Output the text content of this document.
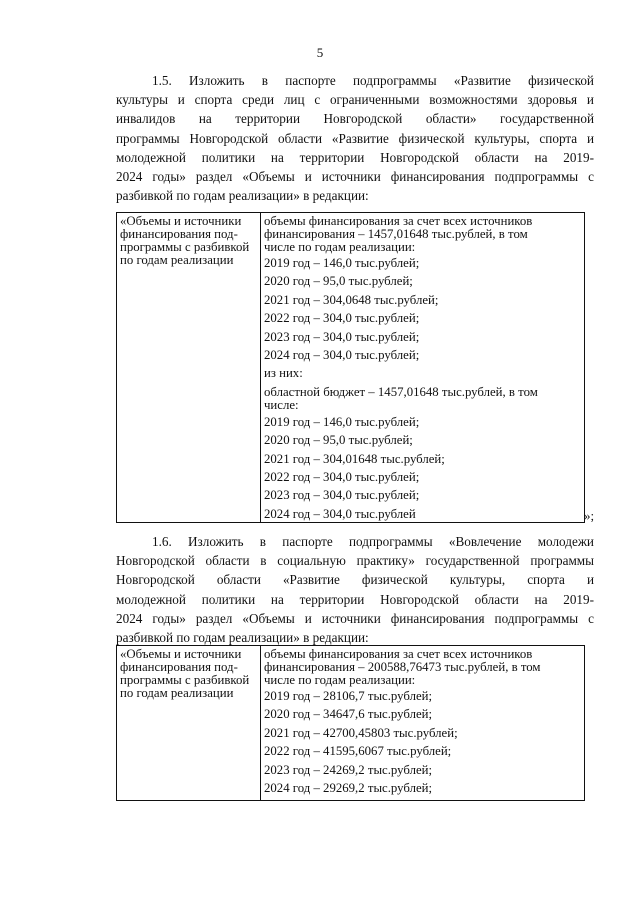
5
1.5. Изложить в паспорте подпрограммы «Развитие физической
культуры и спорта среди лиц с ограниченными возможностями здоровья и
инвалидов на территории Новгородской области» государственной
программы Новгородской области «Развитие физической культуры, спорта и
молодежной политики на территории Новгородской области на 2019-
2024 годы» раздел «Объемы и источники финансирования подпрограммы с
разбивкой по годам реализации» в редакции:
«Объемы и источники
финансирования под-
программы с разбивкой
по годам реализации
объемы финансирования за счет всех источников
финансирования – 1457,01648 тыс.рублей, в том
числе по годам реализации:
2019 год – 146,0 тыс.рублей;
2020 год – 95,0 тыс.рублей;
2021 год – 304,0648 тыс.рублей;
2022 год – 304,0 тыс.рублей;
2023 год – 304,0 тыс.рублей;
2024 год – 304,0 тыс.рублей;
из них:
областной бюджет – 1457,01648 тыс.рублей, в том
числе:
2019 год – 146,0 тыс.рублей;
2020 год – 95,0 тыс.рублей;
2021 год – 304,01648 тыс.рублей;
2022 год – 304,0 тыс.рублей;
2023 год – 304,0 тыс.рублей;
2024 год – 304,0 тыс.рублей	»;
1.6. Изложить в паспорте подпрограммы «Вовлечение молодежи
Новгородской области в социальную практику» государственной программы
Новгородской области «Развитие физической культуры, спорта и
молодежной политики на территории Новгородской области на 2019-
2024 годы» раздел «Объемы и источники финансирования подпрограммы с
разбивкой по годам реализации» в редакции:
«Объемы и источники
финансирования под-
программы с разбивкой
по годам реализации
объемы финансирования за счет всех источников
финансирования – 200588,76473 тыс.рублей, в том
числе по годам реализации:
2019 год – 28106,7 тыс.рублей;
2020 год – 34647,6 тыс.рублей;
2021 год – 42700,45803 тыс.рублей;
2022 год – 41595,6067 тыс.рублей;
2023 год – 24269,2 тыс.рублей;
2024 год – 29269,2 тыс.рублей;
